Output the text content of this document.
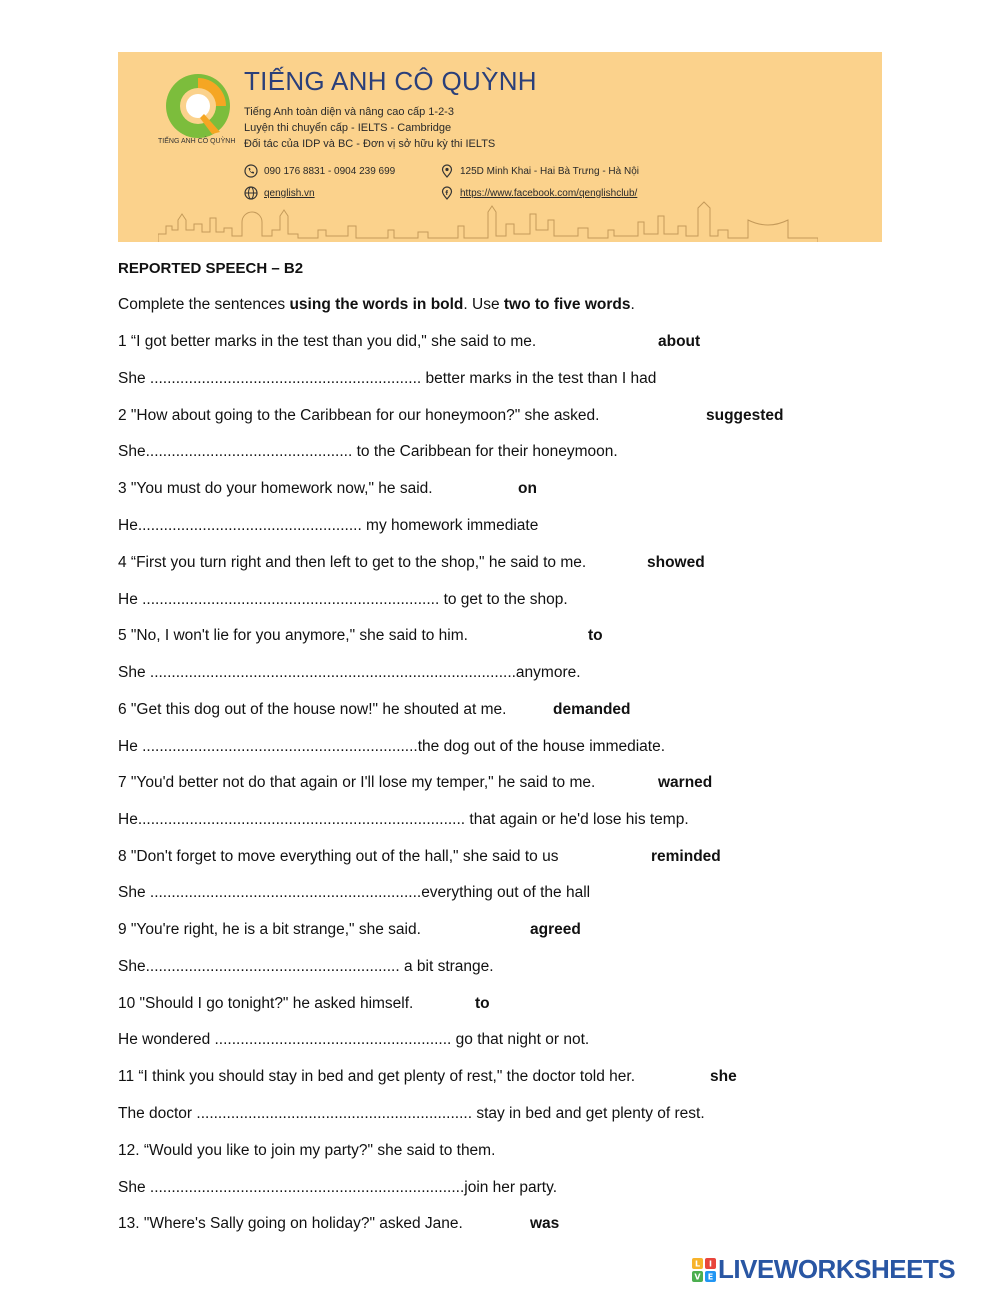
TIẾNG ANH CÔ QUỲNH
TIẾNG ANH CÔ QUỲNH
Tiếng Anh toàn diện và nâng cao cấp 1-2-3
Luyện thi chuyển cấp - IELTS - Cambridge
Đối tác của IDP và BC - Đơn vị sở hữu kỳ thi IELTS
090 176 8831 - 0904 239 699	125D Minh Khai - Hai Bà Trưng - Hà Nội
qenglish.vn	https://www.facebook.com/qenglishclub/
REPORTED SPEECH – B2
Complete the sentences using the words in bold. Use two to five words.
1 “I got better marks in the test than you did," she said to me.	about
She ............................................................... better marks in the test than I had
2 "How about going to the Caribbean for our honeymoon?" she asked.	suggested
She................................................ to the Caribbean for their honeymoon.
3 "You must do your homework now," he said.	on
He.................................................... my homework immediate
4 “First you turn right and then left to get to the shop," he said to me.	showed
He ..................................................................... to get to the shop.
5 "No, I won't lie for you anymore," she said to him.	to
She .....................................................................................anymore.
6 "Get this dog out of the house now!" he shouted at me.	demanded
He ................................................................the dog out of the house immediate.
7 "You'd better not do that again or I'll lose my temper," he said to me.	warned
He............................................................................ that again or he'd lose his temp.
8 "Don't forget to move everything out of the hall," she said to us	reminded
She ...............................................................everything out of the hall
9 "You're right, he is a bit strange," she said.	agreed
She........................................................... a bit strange.
10 "Should I go tonight?" he asked himself.	to
He wondered ....................................................... go that night or not.
11 “I think you should stay in bed and get plenty of rest," the doctor told her.	she
The doctor ................................................................ stay in bed and get plenty of rest.
12. “Would you like to join my party?" she said to them.
She .........................................................................join her party.
13. "Where's Sally going on holiday?" asked Jane.	was
L I
V E LIVEWORKSHEETS
